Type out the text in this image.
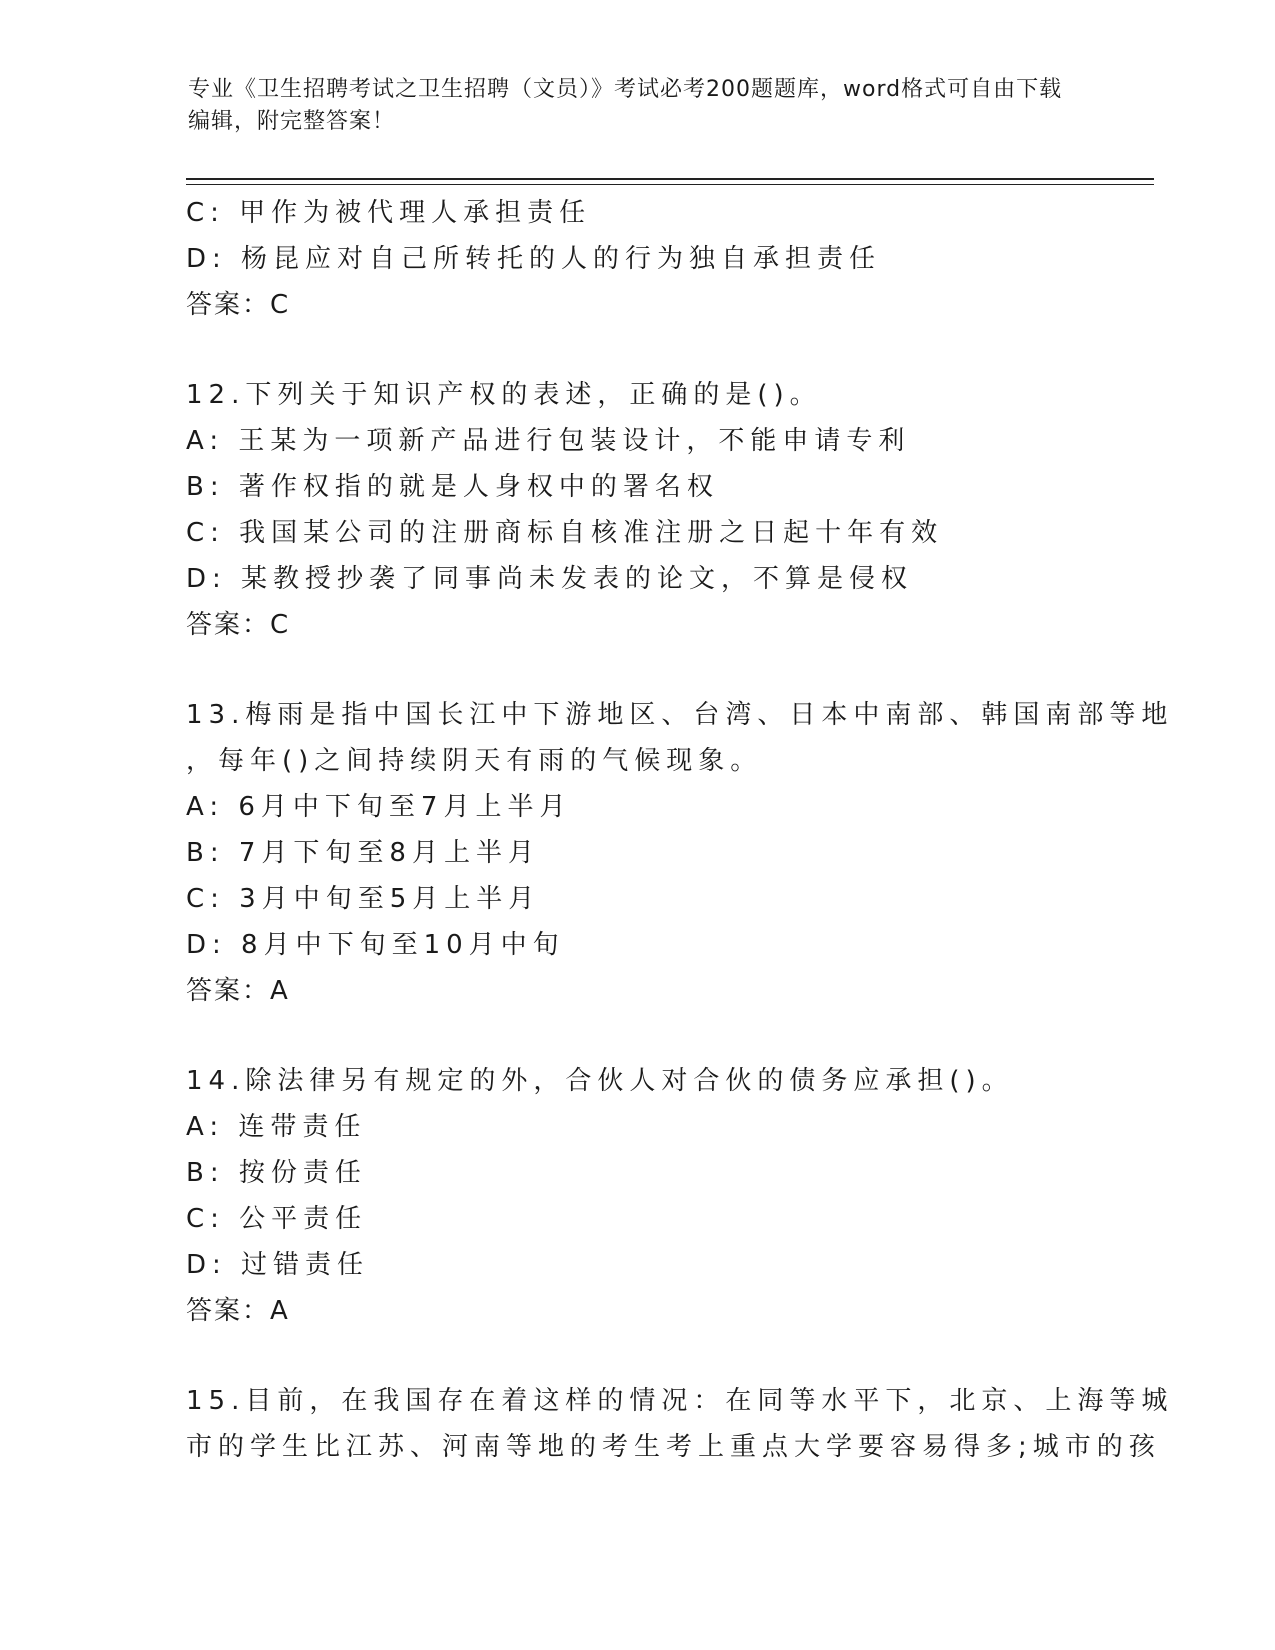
专业《卫生招聘考试之卫生招聘（文员）》考试必考200题题库，word格式可自由下载编辑，附完整答案！
C: 甲作为被代理人承担责任
D: 杨昆应对自己所转托的人的行为独自承担责任
答案：C
12.下列关于知识产权的表述，正确的是()。
A: 王某为一项新产品进行包装设计，不能申请专利
B: 著作权指的就是人身权中的署名权
C: 我国某公司的注册商标自核准注册之日起十年有效
D: 某教授抄袭了同事尚未发表的论文，不算是侵权
答案：C
13.梅雨是指中国长江中下游地区、台湾、日本中南部、韩国南部等地
，每年()之间持续阴天有雨的气候现象。
A: 6月中下旬至7月上半月
B: 7月下旬至8月上半月
C: 3月中旬至5月上半月
D: 8月中下旬至10月中旬
答案：A
14.除法律另有规定的外，合伙人对合伙的债务应承担()。
A: 连带责任
B: 按份责任
C: 公平责任
D: 过错责任
答案：A
15.目前，在我国存在着这样的情况：在同等水平下，北京、上海等城
市的学生比江苏、河南等地的考生考上重点大学要容易得多;城市的孩
